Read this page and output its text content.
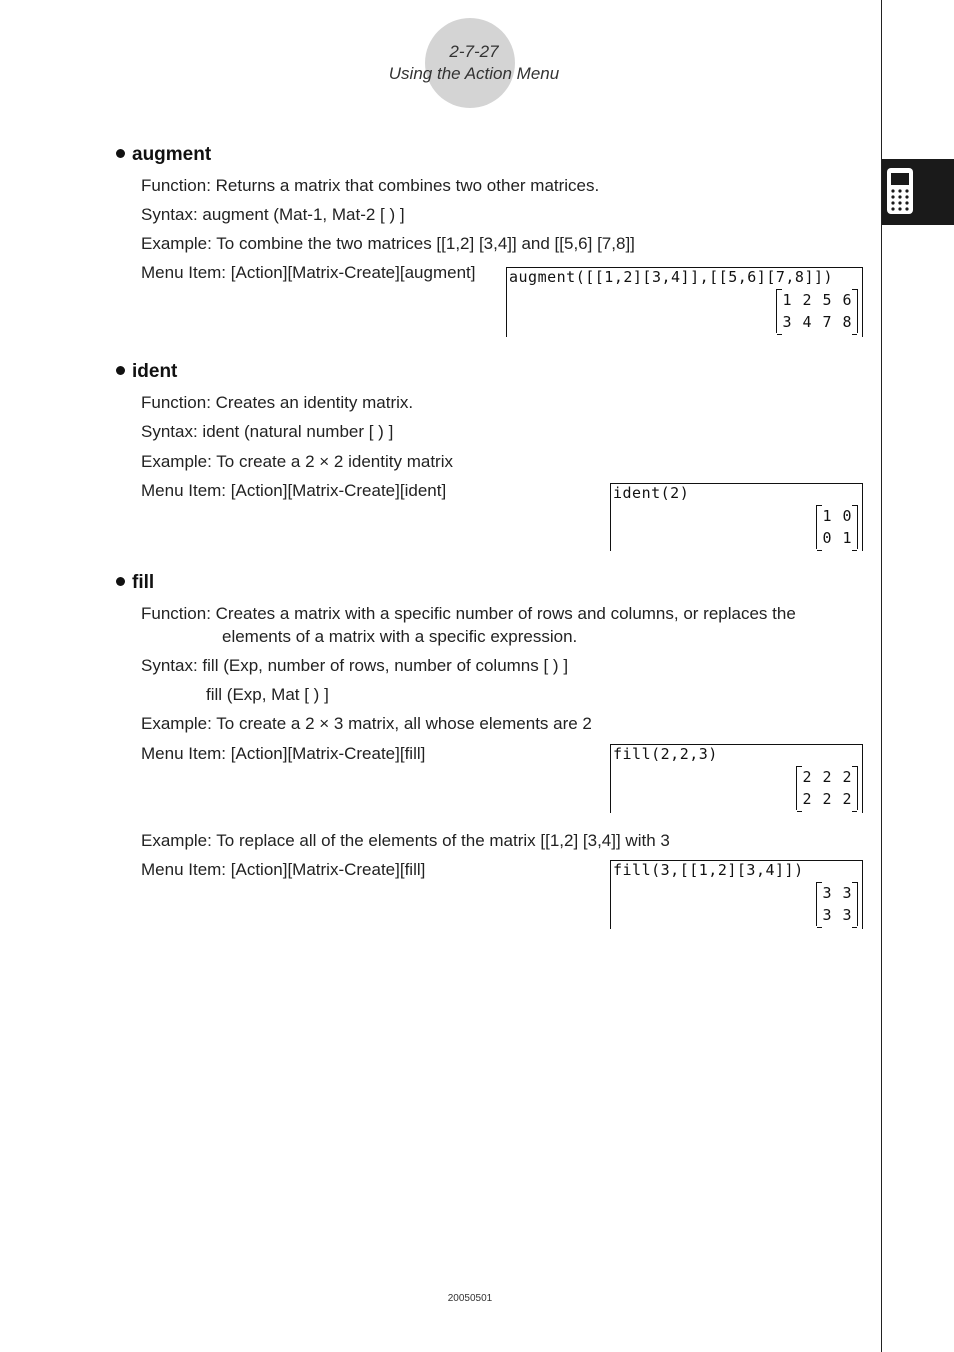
2-7-27
Using the Action Menu
augment
Function: Returns a matrix that combines two other matrices.
Syntax: augment (Mat-1, Mat-2 [ ) ]
Example: To combine the two matrices [[1,2] [3,4]] and [[5,6] [7,8]]
Menu Item: [Action][Matrix-Create][augment] augment([[1,2][3,4]],[[5,6][7,8]])
1 2 5 6
3 4 7 8
ident
Function: Creates an identity matrix.
Syntax: ident (natural number [ ) ]
Example: To create a 2 × 2 identity matrix
Menu Item: [Action][Matrix-Create][ident]	ident(2)
1 0
0 1
fill
Function: Creates a matrix with a specific number of rows and columns, or replaces the
elements of a matrix with a specific expression.
Syntax: fill (Exp, number of rows, number of columns [ ) ]
fill (Exp, Mat [ ) ]
Example: To create a 2 × 3 matrix, all whose elements are 2
Menu Item: [Action][Matrix-Create][fill]	fill(2,2,3)
2 2 2
2 2 2
Example: To replace all of the elements of the matrix [[1,2] [3,4]] with 3
Menu Item: [Action][Matrix-Create][fill]	fill(3,[[1,2][3,4]])
3 3
3 3
20050501
